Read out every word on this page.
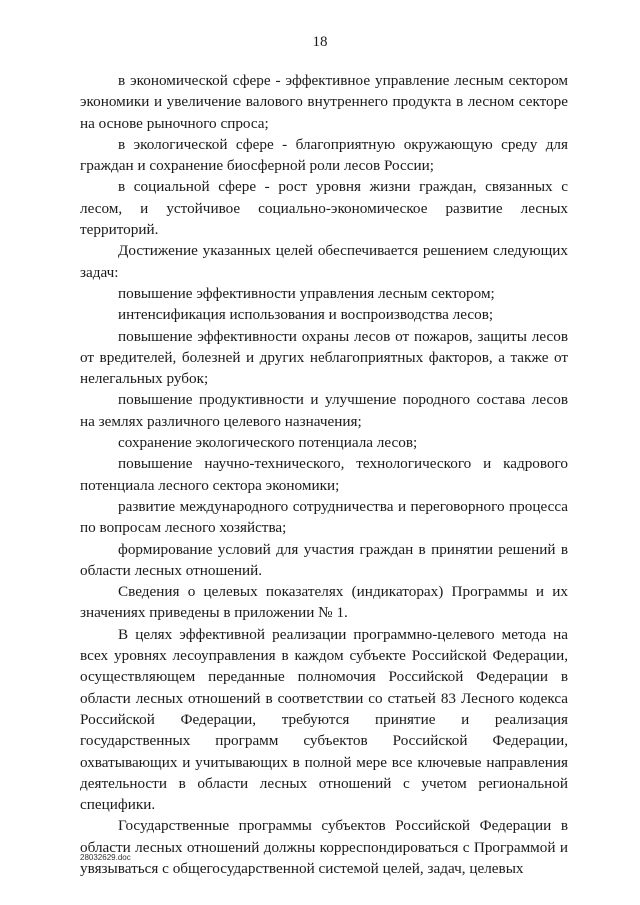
18

в экономической сфере - эффективное управление лесным сектором экономики и увеличение валового внутреннего продукта в лесном секторе на основе рыночного спроса;

в экологической сфере - благоприятную окружающую среду для граждан и сохранение биосферной роли лесов России;

в социальной сфере - рост уровня жизни граждан, связанных с лесом, и устойчивое социально-экономическое развитие лесных территорий.

Достижение указанных целей обеспечивается решением следующих задач:

повышение эффективности управления лесным сектором;

интенсификация использования и воспроизводства лесов;

повышение эффективности охраны лесов от пожаров, защиты лесов от вредителей, болезней и других неблагоприятных факторов, а также от нелегальных рубок;

повышение продуктивности и улучшение породного состава лесов на землях различного целевого назначения;

сохранение экологического потенциала лесов;

повышение научно-технического, технологического и кадрового потенциала лесного сектора экономики;

развитие международного сотрудничества и переговорного процесса по вопросам лесного хозяйства;

формирование условий для участия граждан в принятии решений в области лесных отношений.

Сведения о целевых показателях (индикаторах) Программы и их значениях приведены в приложении № 1.

В целях эффективной реализации программно-целевого метода на всех уровнях лесоуправления в каждом субъекте Российской Федерации, осуществляющем переданные полномочия Российской Федерации в области лесных отношений в соответствии со статьей 83 Лесного кодекса Российской Федерации, требуются принятие и реализация государственных программ субъектов Российской Федерации, охватывающих и учитывающих в полной мере все ключевые направления деятельности в области лесных отношений с учетом региональной специфики.

Государственные программы субъектов Российской Федерации в области лесных отношений должны корреспондироваться с Программой и увязываться с общегосударственной системой целей, задач, целевых

28032629.doc
